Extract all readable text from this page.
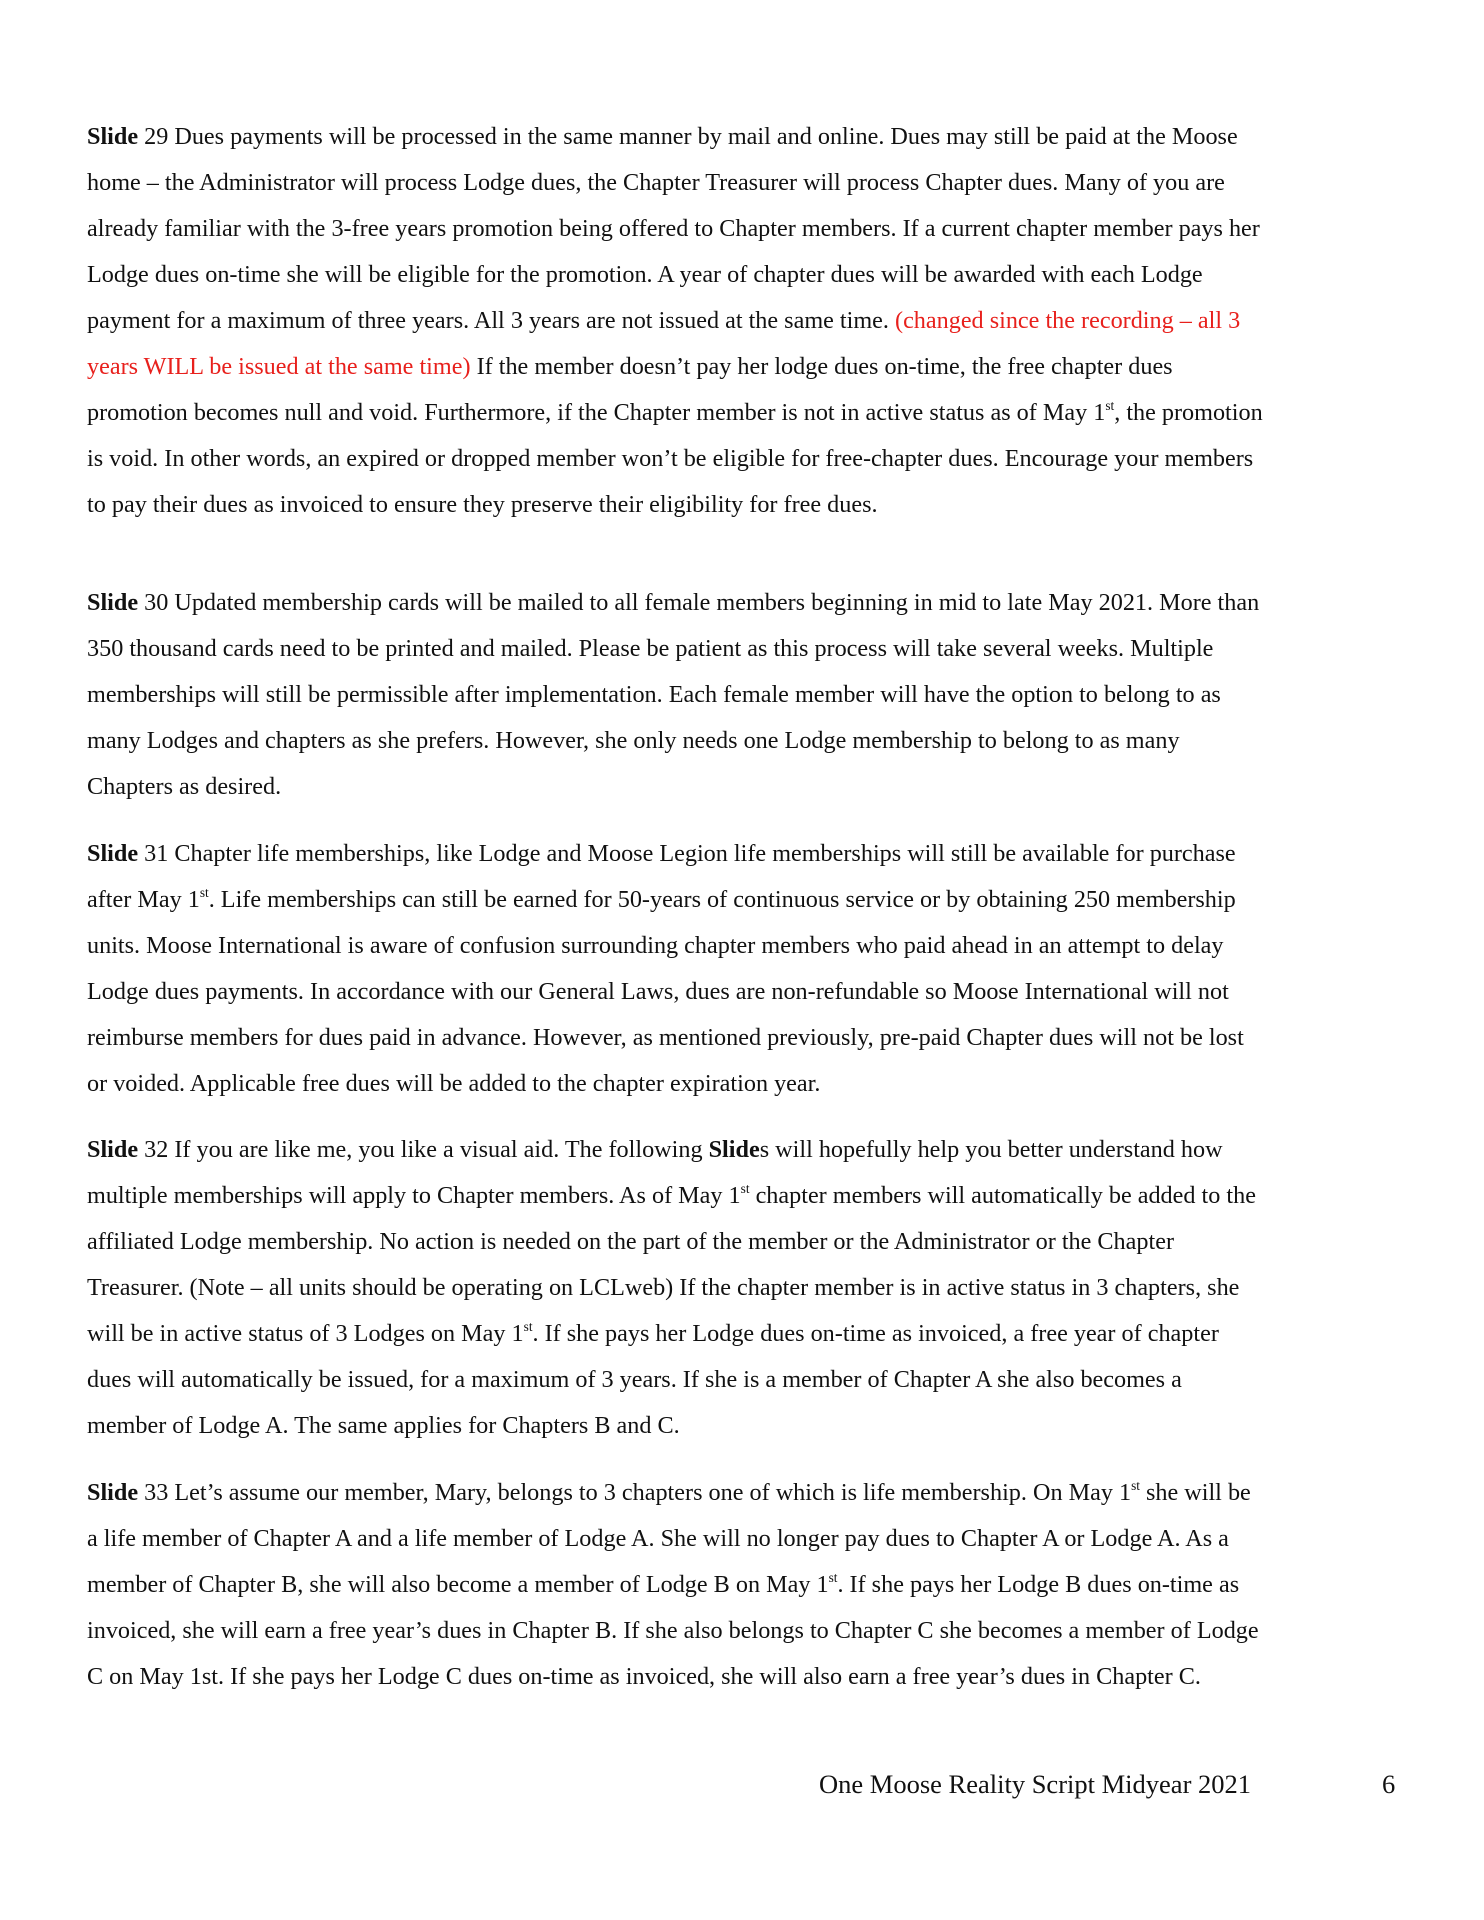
Slide 29 Dues payments will be processed in the same manner by mail and online. Dues may still be paid at the Moose
home – the Administrator will process Lodge dues, the Chapter Treasurer will process Chapter dues. Many of you are
already familiar with the 3-free years promotion being offered to Chapter members. If a current chapter member pays her
Lodge dues on-time she will be eligible for the promotion. A year of chapter dues will be awarded with each Lodge
payment for a maximum of three years. All 3 years are not issued at the same time. (changed since the recording – all 3
years WILL be issued at the same time) If the member doesn’t pay her lodge dues on-time, the free chapter dues
promotion becomes null and void. Furthermore, if the Chapter member is not in active status as of May 1st, the promotion
is void. In other words, an expired or dropped member won’t be eligible for free-chapter dues. Encourage your members
to pay their dues as invoiced to ensure they preserve their eligibility for free dues.
Slide 30 Updated membership cards will be mailed to all female members beginning in mid to late May 2021. More than
350 thousand cards need to be printed and mailed. Please be patient as this process will take several weeks. Multiple
memberships will still be permissible after implementation. Each female member will have the option to belong to as
many Lodges and chapters as she prefers. However, she only needs one Lodge membership to belong to as many
Chapters as desired.
Slide 31 Chapter life memberships, like Lodge and Moose Legion life memberships will still be available for purchase
after May 1st. Life memberships can still be earned for 50-years of continuous service or by obtaining 250 membership
units. Moose International is aware of confusion surrounding chapter members who paid ahead in an attempt to delay
Lodge dues payments. In accordance with our General Laws, dues are non-refundable so Moose International will not
reimburse members for dues paid in advance. However, as mentioned previously, pre-paid Chapter dues will not be lost
or voided. Applicable free dues will be added to the chapter expiration year.
Slide 32 If you are like me, you like a visual aid. The following Slides will hopefully help you better understand how
multiple memberships will apply to Chapter members. As of May 1st chapter members will automatically be added to the
affiliated Lodge membership. No action is needed on the part of the member or the Administrator or the Chapter
Treasurer. (Note – all units should be operating on LCLweb) If the chapter member is in active status in 3 chapters, she
will be in active status of 3 Lodges on May 1st. If she pays her Lodge dues on-time as invoiced, a free year of chapter
dues will automatically be issued, for a maximum of 3 years. If she is a member of Chapter A she also becomes a
member of Lodge A. The same applies for Chapters B and C.
Slide 33 Let’s assume our member, Mary, belongs to 3 chapters one of which is life membership. On May 1st she will be
a life member of Chapter A and a life member of Lodge A. She will no longer pay dues to Chapter A or Lodge A. As a
member of Chapter B, she will also become a member of Lodge B on May 1st. If she pays her Lodge B dues on-time as
invoiced, she will earn a free year’s dues in Chapter B. If she also belongs to Chapter C she becomes a member of Lodge
C on May 1st. If she pays her Lodge C dues on-time as invoiced, she will also earn a free year’s dues in Chapter C.
One Moose Reality Script Midyear 2021	6
